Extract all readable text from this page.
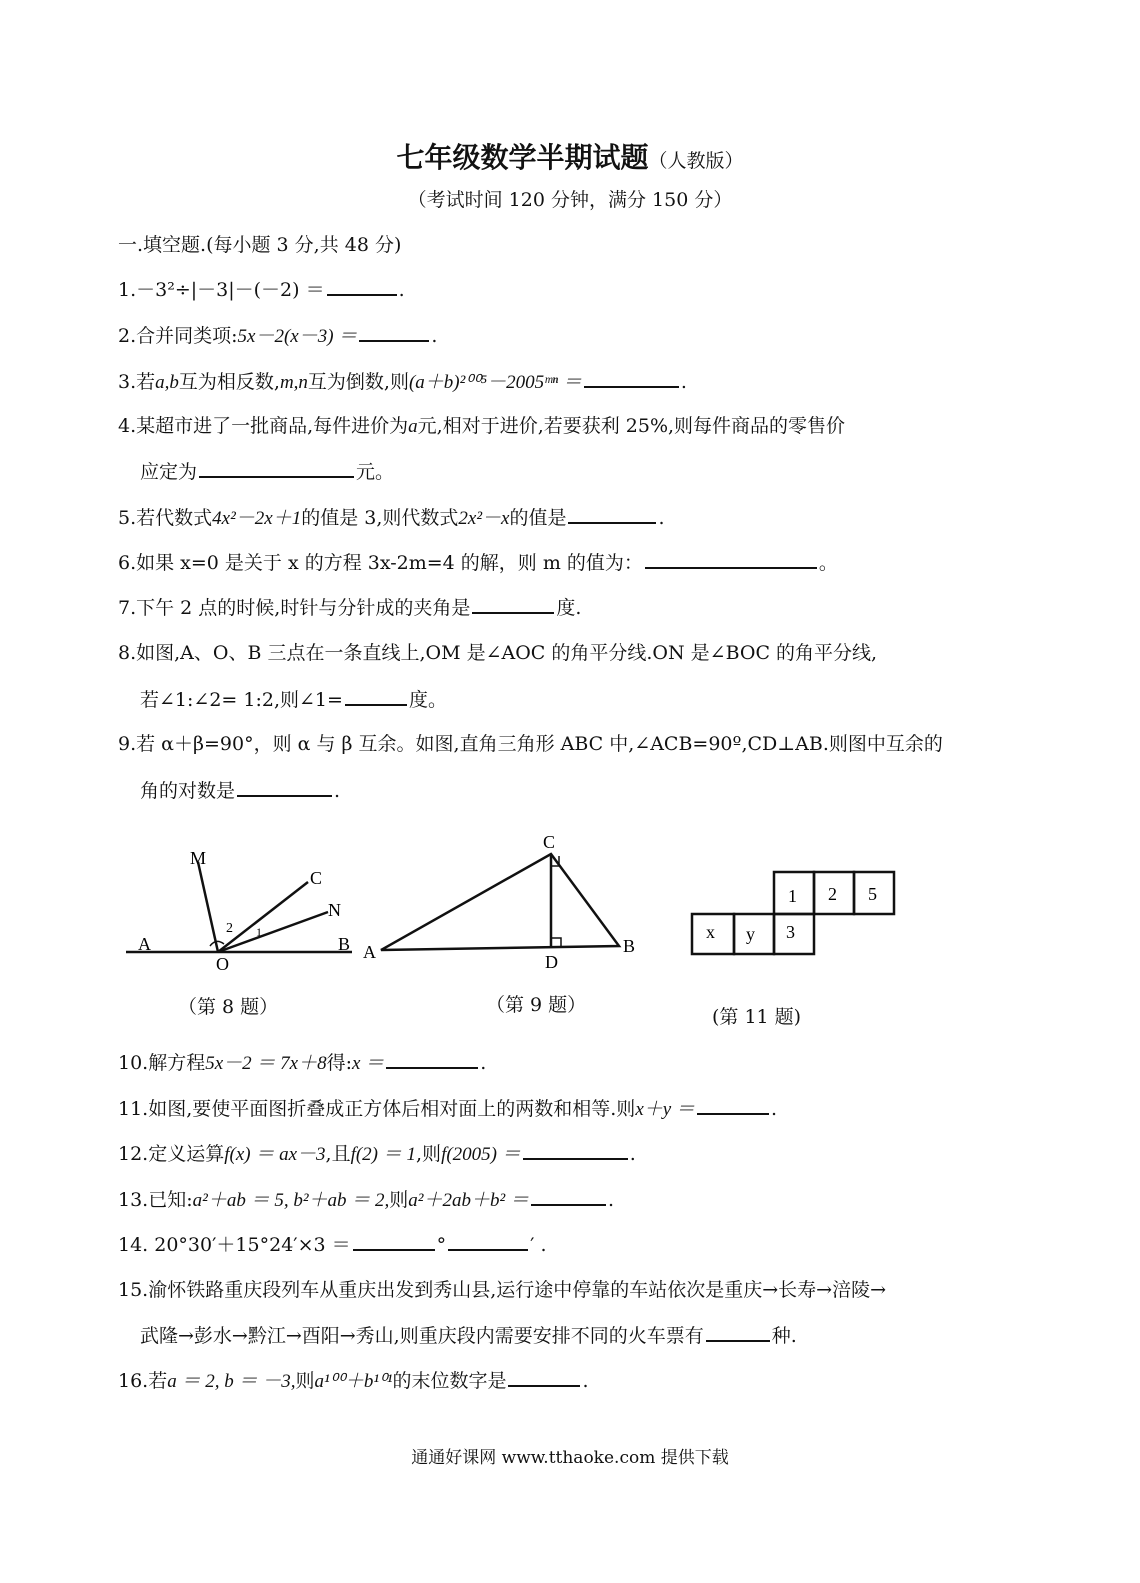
七年级数学半期试题（人教版）
（考试时间 120 分钟，满分 150 分）
一.填空题.(每小题 3 分,共 48 分)
1.－3²÷|－3|－(－2) ＝	.
2.合并同类项:5x－2(x－3) ＝	.
3.若a,b互为相反数,m,n互为倒数,则(a＋b)²⁰⁰⁵－2005ᵐⁿ ＝	.
4.某超市进了一批商品,每件进价为a元,相对于进价,若要获利 25%,则每件商品的零售价
应定为	元。
5.若代数式4x²－2x＋1的值是 3,则代数式2x²－x的值是	.
6.如果 x=0 是关于 x 的方程 3x-2m=4 的解，则 m 的值为：	。
7.下午 2 点的时候,时针与分针成的夹角是	度.
8.如图,A、O、B 三点在一条直线上,OM 是∠AOC 的角平分线.ON 是∠BOC 的角平分线,
若∠1:∠2= 1:2,则∠1=	度。
9.若 α＋β=90°，则 α 与 β 互余。如图,直角三角形 ABC 中,∠ACB=90º,CD⊥AB.则图中互余的
角的对数是	.
A	B
O
M
C
N
2 1
（第 8 题）
A	B
C
D
（第 9 题）
1 2 5
x y 3
(第 11 题)
10.解方程5x－2 ＝ 7x＋8得:x ＝	.
11.如图,要使平面图折叠成正方体后相对面上的两数和相等.则x＋y ＝	.
12.定义运算f(x) ＝ ax－3,且f(2) ＝ 1,则f(2005) ＝	.
13.已知:a²＋ab ＝ 5, b²＋ab ＝ 2,则a²＋2ab＋b² ＝	.
14. 20°30′＋15°24′×3 ＝	°	′ .
15.渝怀铁路重庆段列车从重庆出发到秀山县,运行途中停靠的车站依次是重庆→长寿→涪陵→
武隆→彭水→黔江→酉阳→秀山,则重庆段内需要安排不同的火车票有	种.
16.若a ＝ 2, b ＝ －3,则a¹⁰⁰＋b¹⁰¹的末位数字是	.
通通好课网 www.tthaoke.com 提供下载
